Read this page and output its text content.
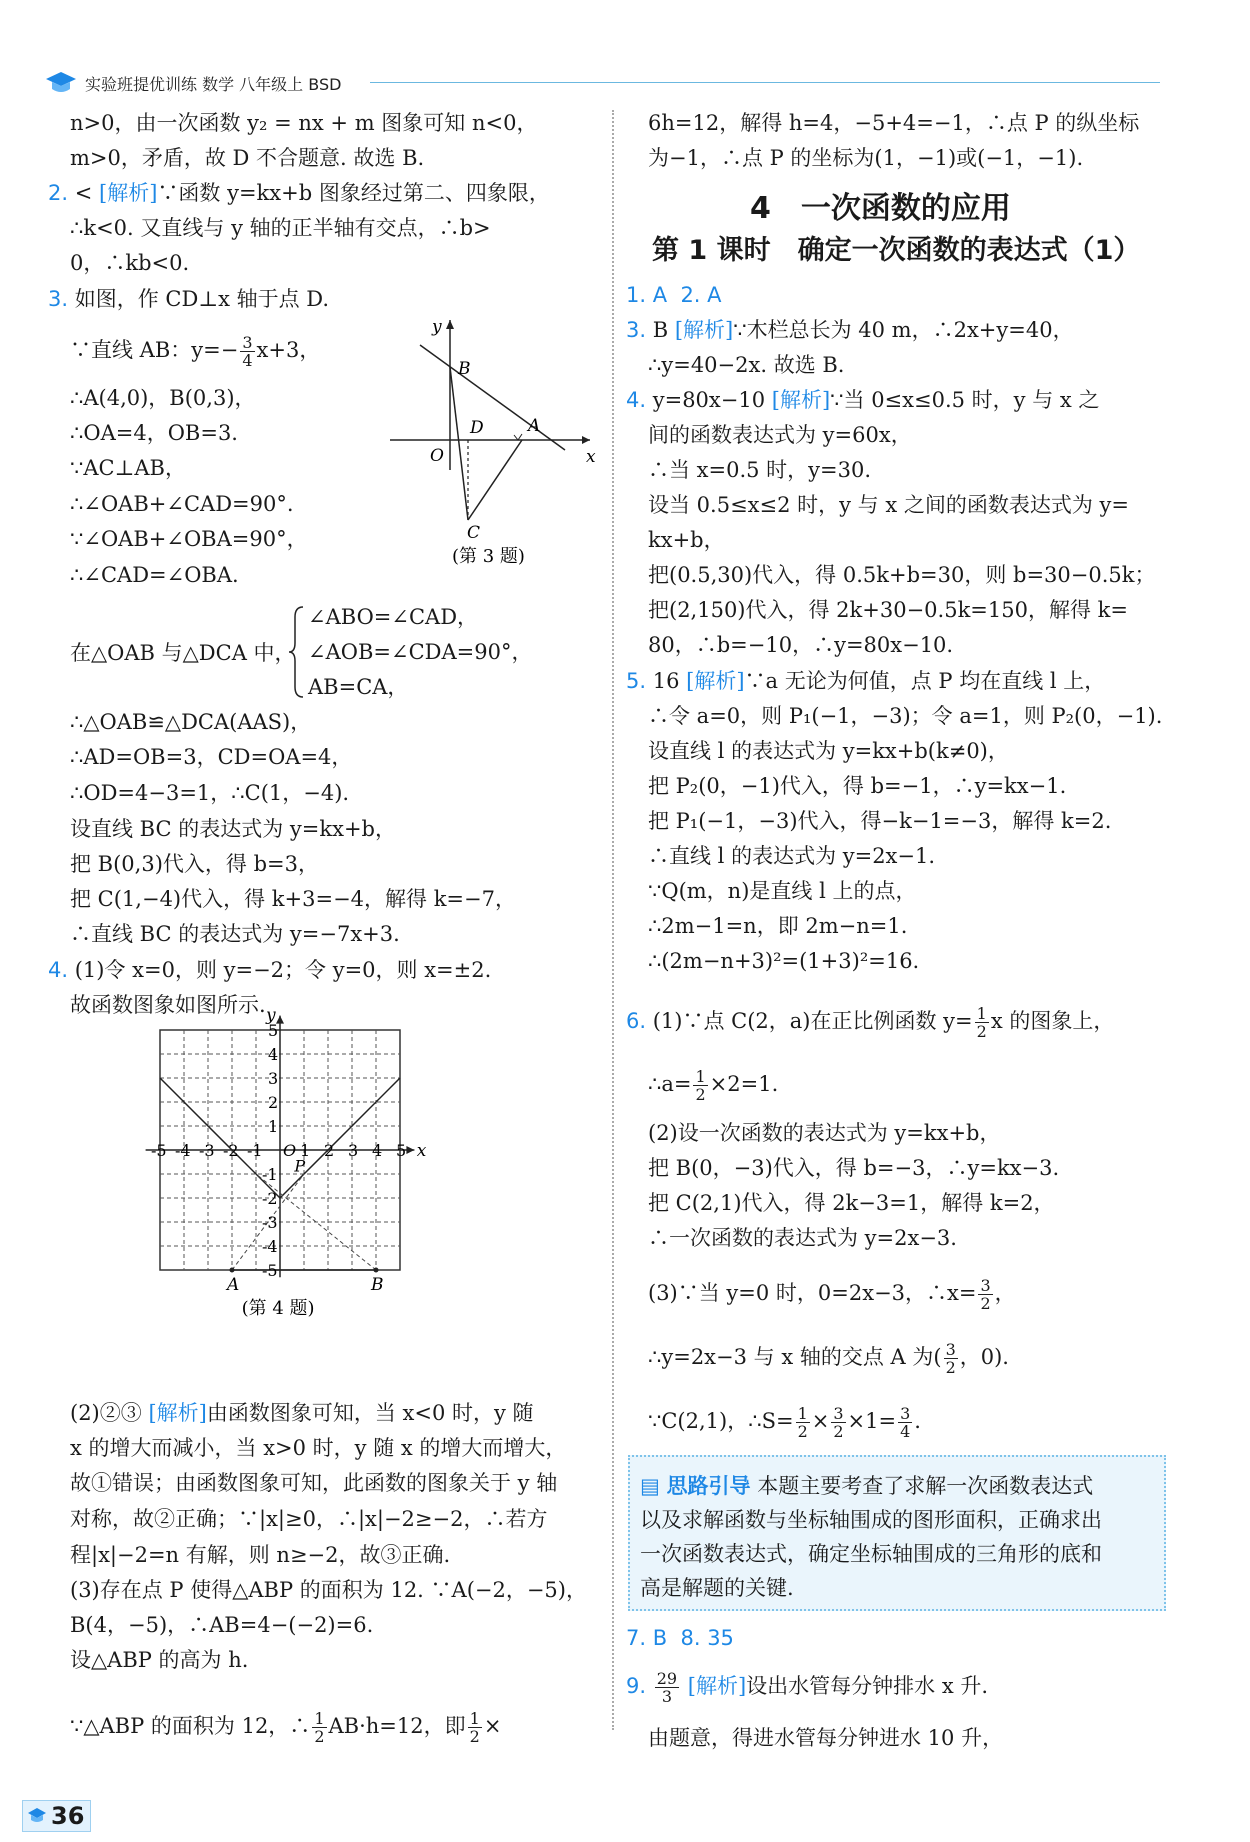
实验班提优训练 数学 八年级上 BSD
n>0，由一次函数 y₂ = nx + m 图象可知 n<0，
m>0，矛盾，故 D 不合题意. 故选 B.
2. < [解析]∵函数 y=kx+b 图象经过第二、四象限，
∴k<0. 又直线与 y 轴的正半轴有交点，∴b>
0，∴kb<0.
3. 如图，作 CD⊥x 轴于点 D.
∵直线 AB：$y=- \frac{3}{4} x+3$，
∴A(4,0)，B(0,3)，
∴OA=4，OB=3.
∵AC⊥AB，
∴∠OAB+∠CAD=90°.
∵∠OAB+∠OBA=90°，
∴∠CAD=∠OBA.
y
x
B
D	A
O
C
(第 3 题)
在△OAB 与△DCA 中，
∠ABO=∠CAD，
∠AOB=∠CDA=90°，
AB=CA，
∴△OAB≌△DCA(AAS)，
∴AD=OB=3，CD=OA=4，
∴OD=4−3=1，∴C(1，−4).
设直线 BC 的表达式为 y=kx+b，
把 B(0,3)代入，得 b=3，
把 C(1,−4)代入，得 k+3=−4，解得 k=−7，
∴直线 BC 的表达式为 y=−7x+3.
4. (1)令 x=0，则 y=−2；令 y=0，则 x=±2.
故函数图象如图所示.
-5 -4 -3 -2 -1 1 2 3 4 5
5
4
3
2
1
-1
-2
-3
-4
-5
x
y
O
P
A	B
(第 4 题)
(2)②③ [解析]由函数图象可知，当 x<0 时，y 随
x 的增大而减小，当 x>0 时，y 随 x 的增大而增大，
故①错误；由函数图象可知，此函数的图象关于 y 轴
对称，故②正确；∵|x|≥0，∴|x|−2≥−2，∴若方
程|x|−2=n 有解，则 n≥−2，故③正确.
(3)存在点 P 使得△ABP 的面积为 12. ∵A(−2，−5)，
B(4，−5)，∴AB=4−(−2)=6.
设△ABP 的高为 h.
∵△ABP 的面积为 12，∴ $\frac{1}{2} AB\cdot h=12$，即 $\frac{1}{2}$ ×
6h=12，解得 h=4，−5+4=−1，∴点 P 的纵坐标
为−1，∴点 P 的坐标为(1，−1)或(−1，−1).
4　一次函数的应用
第 1 课时　确定一次函数的表达式（1）
1. A 2. A
3. B [解析]∵木栏总长为 40 m，∴2x+y=40，
∴y=40−2x. 故选 B.
4. y=80x−10 [解析]∵当 0≤x≤0.5 时，y 与 x 之
间的函数表达式为 y=60x，
∴当 x=0.5 时，y=30.
设当 0.5≤x≤2 时，y 与 x 之间的函数表达式为 y=
kx+b，
把(0.5,30)代入，得 0.5k+b=30，则 b=30−0.5k；
把(2,150)代入，得 2k+30−0.5k=150，解得 k=
80，∴b=−10，∴y=80x−10.
5. 16 [解析]∵a 无论为何值，点 P 均在直线 l 上，
∴令 a=0，则 P₁(−1，−3)；令 a=1，则 P₂(0，−1).
设直线 l 的表达式为 y=kx+b(k≠0)，
把 P₂(0，−1)代入，得 b=−1，∴y=kx−1.
把 P₁(−1，−3)代入，得−k−1=−3，解得 k=2.
∴直线 l 的表达式为 y=2x−1.
∵Q(m，n)是直线 l 上的点，
∴2m−1=n，即 2m−n=1.
∴(2m−n+3)²=(1+3)²=16.
6. (1)∵点 C(2，a)在正比例函数 $y= \frac{1}{2}$ x 的图象上，
∴a= $\frac{1}{2} \times 2=1$.
(2)设一次函数的表达式为 y=kx+b，
把 B(0，−3)代入，得 b=−3，∴y=kx−3.
把 C(2,1)代入，得 2k−3=1，解得 k=2，
∴一次函数的表达式为 y=2x−3.
(3)∵当 y=0 时，0=2x−3，∴x= $\frac{3}{2}$ ，
∴y=2x−3 与 x 轴的交点 A 为( $\frac{3}{2}$ ，0).
∵C(2,1)，∴S= $\frac{1}{2} \times \frac{3}{2} \times 1= \frac{3}{4}$ .
▤ 思路引导 本题主要考查了求解一次函数表达式
以及求解函数与坐标轴围成的图形面积，正确求出
一次函数表达式，确定坐标轴围成的三角形的底和
高是解题的关键.
7. B 8. 35
9. $\frac{29}{3}$ [解析]设出水管每分钟排水 x 升.
由题意，得进水管每分钟进水 10 升，
36
